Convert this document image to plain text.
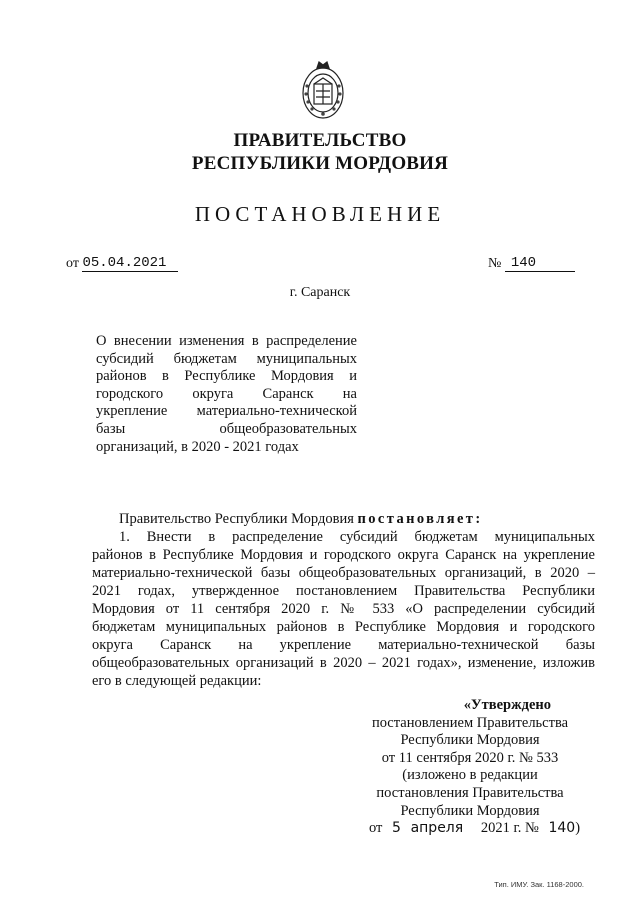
ПРАВИТЕЛЬСТВО
РЕСПУБЛИКИ МОРДОВИЯ
ПОСТАНОВЛЕНИЕ
от 05.04.2021	№ 140
г. Саранск
О внесении изменения в распределение
субсидий бюджетам муниципальных
районов в Республике Мордовия и
городского округа Саранск на
укрепление материально-технической
базы общеобразовательных
организаций, в 2020 - 2021 годах
Правительство Республики Мордовия постановляет:
1. Внести в распределение субсидий бюджетам муниципальных
районов в Республике Мордовия и городского округа Саранск на укрепление
материально-технической базы общеобразовательных организаций, в 2020 –
2021 годах, утвержденное постановлением Правительства Республики
Мордовия от 11 сентября 2020 г. № 533 «О распределении субсидий
бюджетам муниципальных районов в Республике Мордовия и городского
округа Саранск на укрепление материально-технической базы
общеобразовательных организаций в 2020 – 2021 годах», изменение, изложив
его в следующей редакции:
«Утверждено
постановлением Правительства
Республики Мордовия
от 11 сентября 2020 г. № 533
(изложено в редакции
постановления Правительства
Республики Мордовия
от 5 апреля 2021 г. № 140)
Тип. ИМУ. Зак. 1168-2000.
